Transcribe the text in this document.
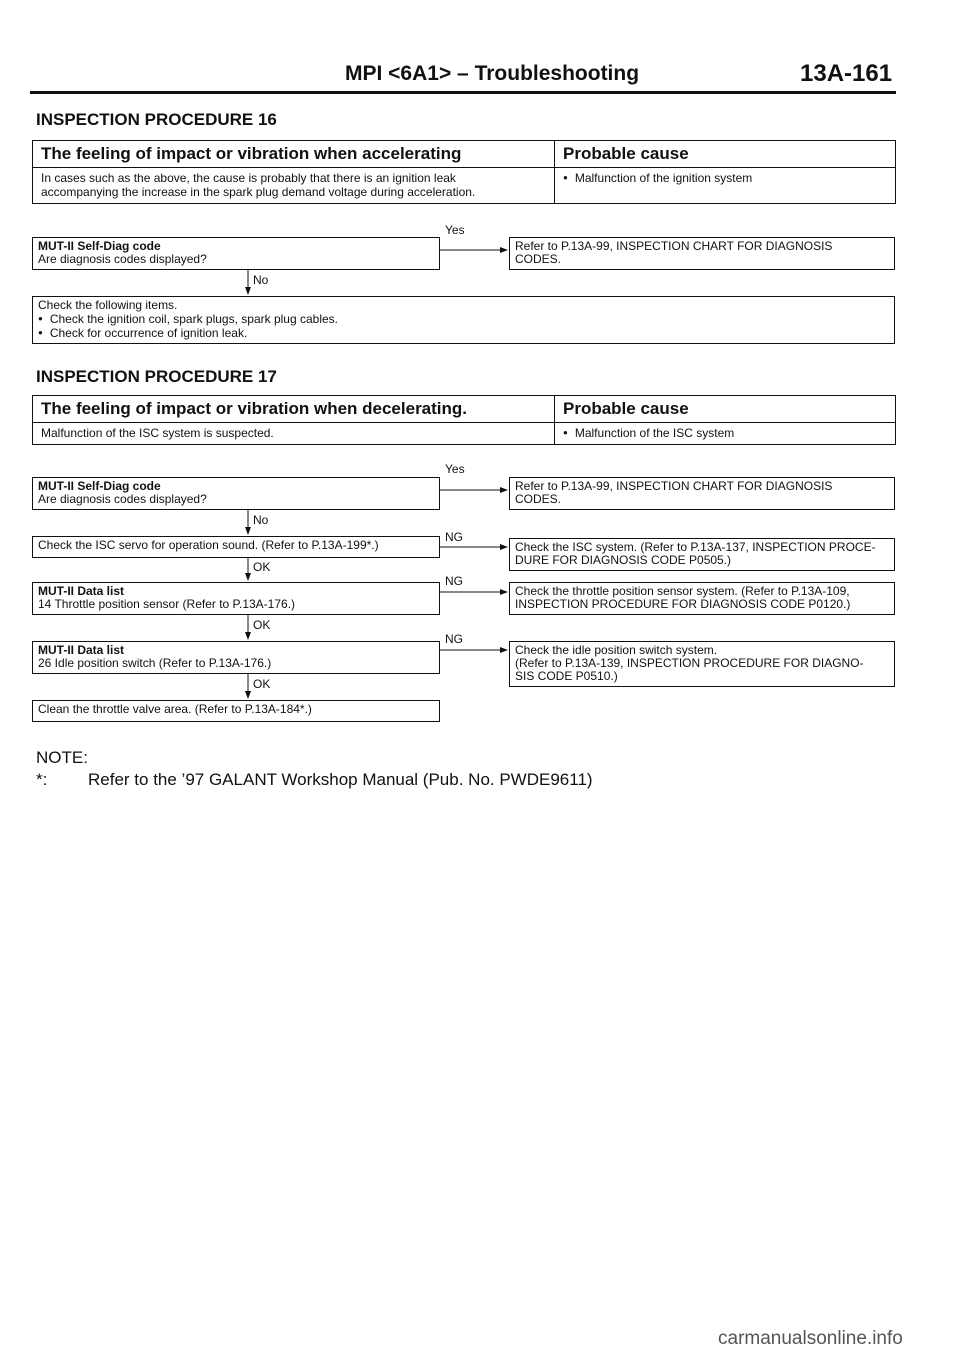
MPI <6A1> – Troubleshooting	13A-161
INSPECTION PROCEDURE 16
The feeling of impact or vibration when accelerating	Probable cause
In cases such as the above, the cause is probably that there is an ignition leak
accompanying the increase in the spark plug demand voltage during acceleration.
● Malfunction of the ignition system
MUT-II Self-Diag code
Are diagnosis codes displayed?
Yes
Refer to P.13A-99, INSPECTION CHART FOR DIAGNOSIS
CODES.
No
Check the following items.
● Check the ignition coil, spark plugs, spark plug cables.
● Check for occurrence of ignition leak.
INSPECTION PROCEDURE 17
The feeling of impact or vibration when decelerating.	Probable cause
Malfunction of the ISC system is suspected.
●	Malfunction of the ISC system
MUT-II Self-Diag code
Are diagnosis codes displayed?
Yes
Refer to P.13A-99, INSPECTION CHART FOR DIAGNOSIS
CODES.
No
Check the ISC servo for operation sound. (Refer to P.13A-199*.)
NG
Check the ISC system. (Refer to P.13A-137, INSPECTION PROCE-
DURE FOR DIAGNOSIS CODE P0505.)
OK
MUT-II Data list
14 Throttle position sensor (Refer to P.13A-176.)
NG
Check the throttle position sensor system. (Refer to P.13A-109,
INSPECTION PROCEDURE FOR DIAGNOSIS CODE P0120.)
OK
MUT-II Data list
26 Idle position switch (Refer to P.13A-176.)
NG
Check the idle position switch system.
(Refer to P.13A-139, INSPECTION PROCEDURE FOR DIAGNO-
SIS CODE P0510.)
OK
Clean the throttle valve area. (Refer to P.13A-184*.)
NOTE:
*: Refer to the ’97 GALANT Workshop Manual (Pub. No. PWDE9611)
carmanualsonline.info
